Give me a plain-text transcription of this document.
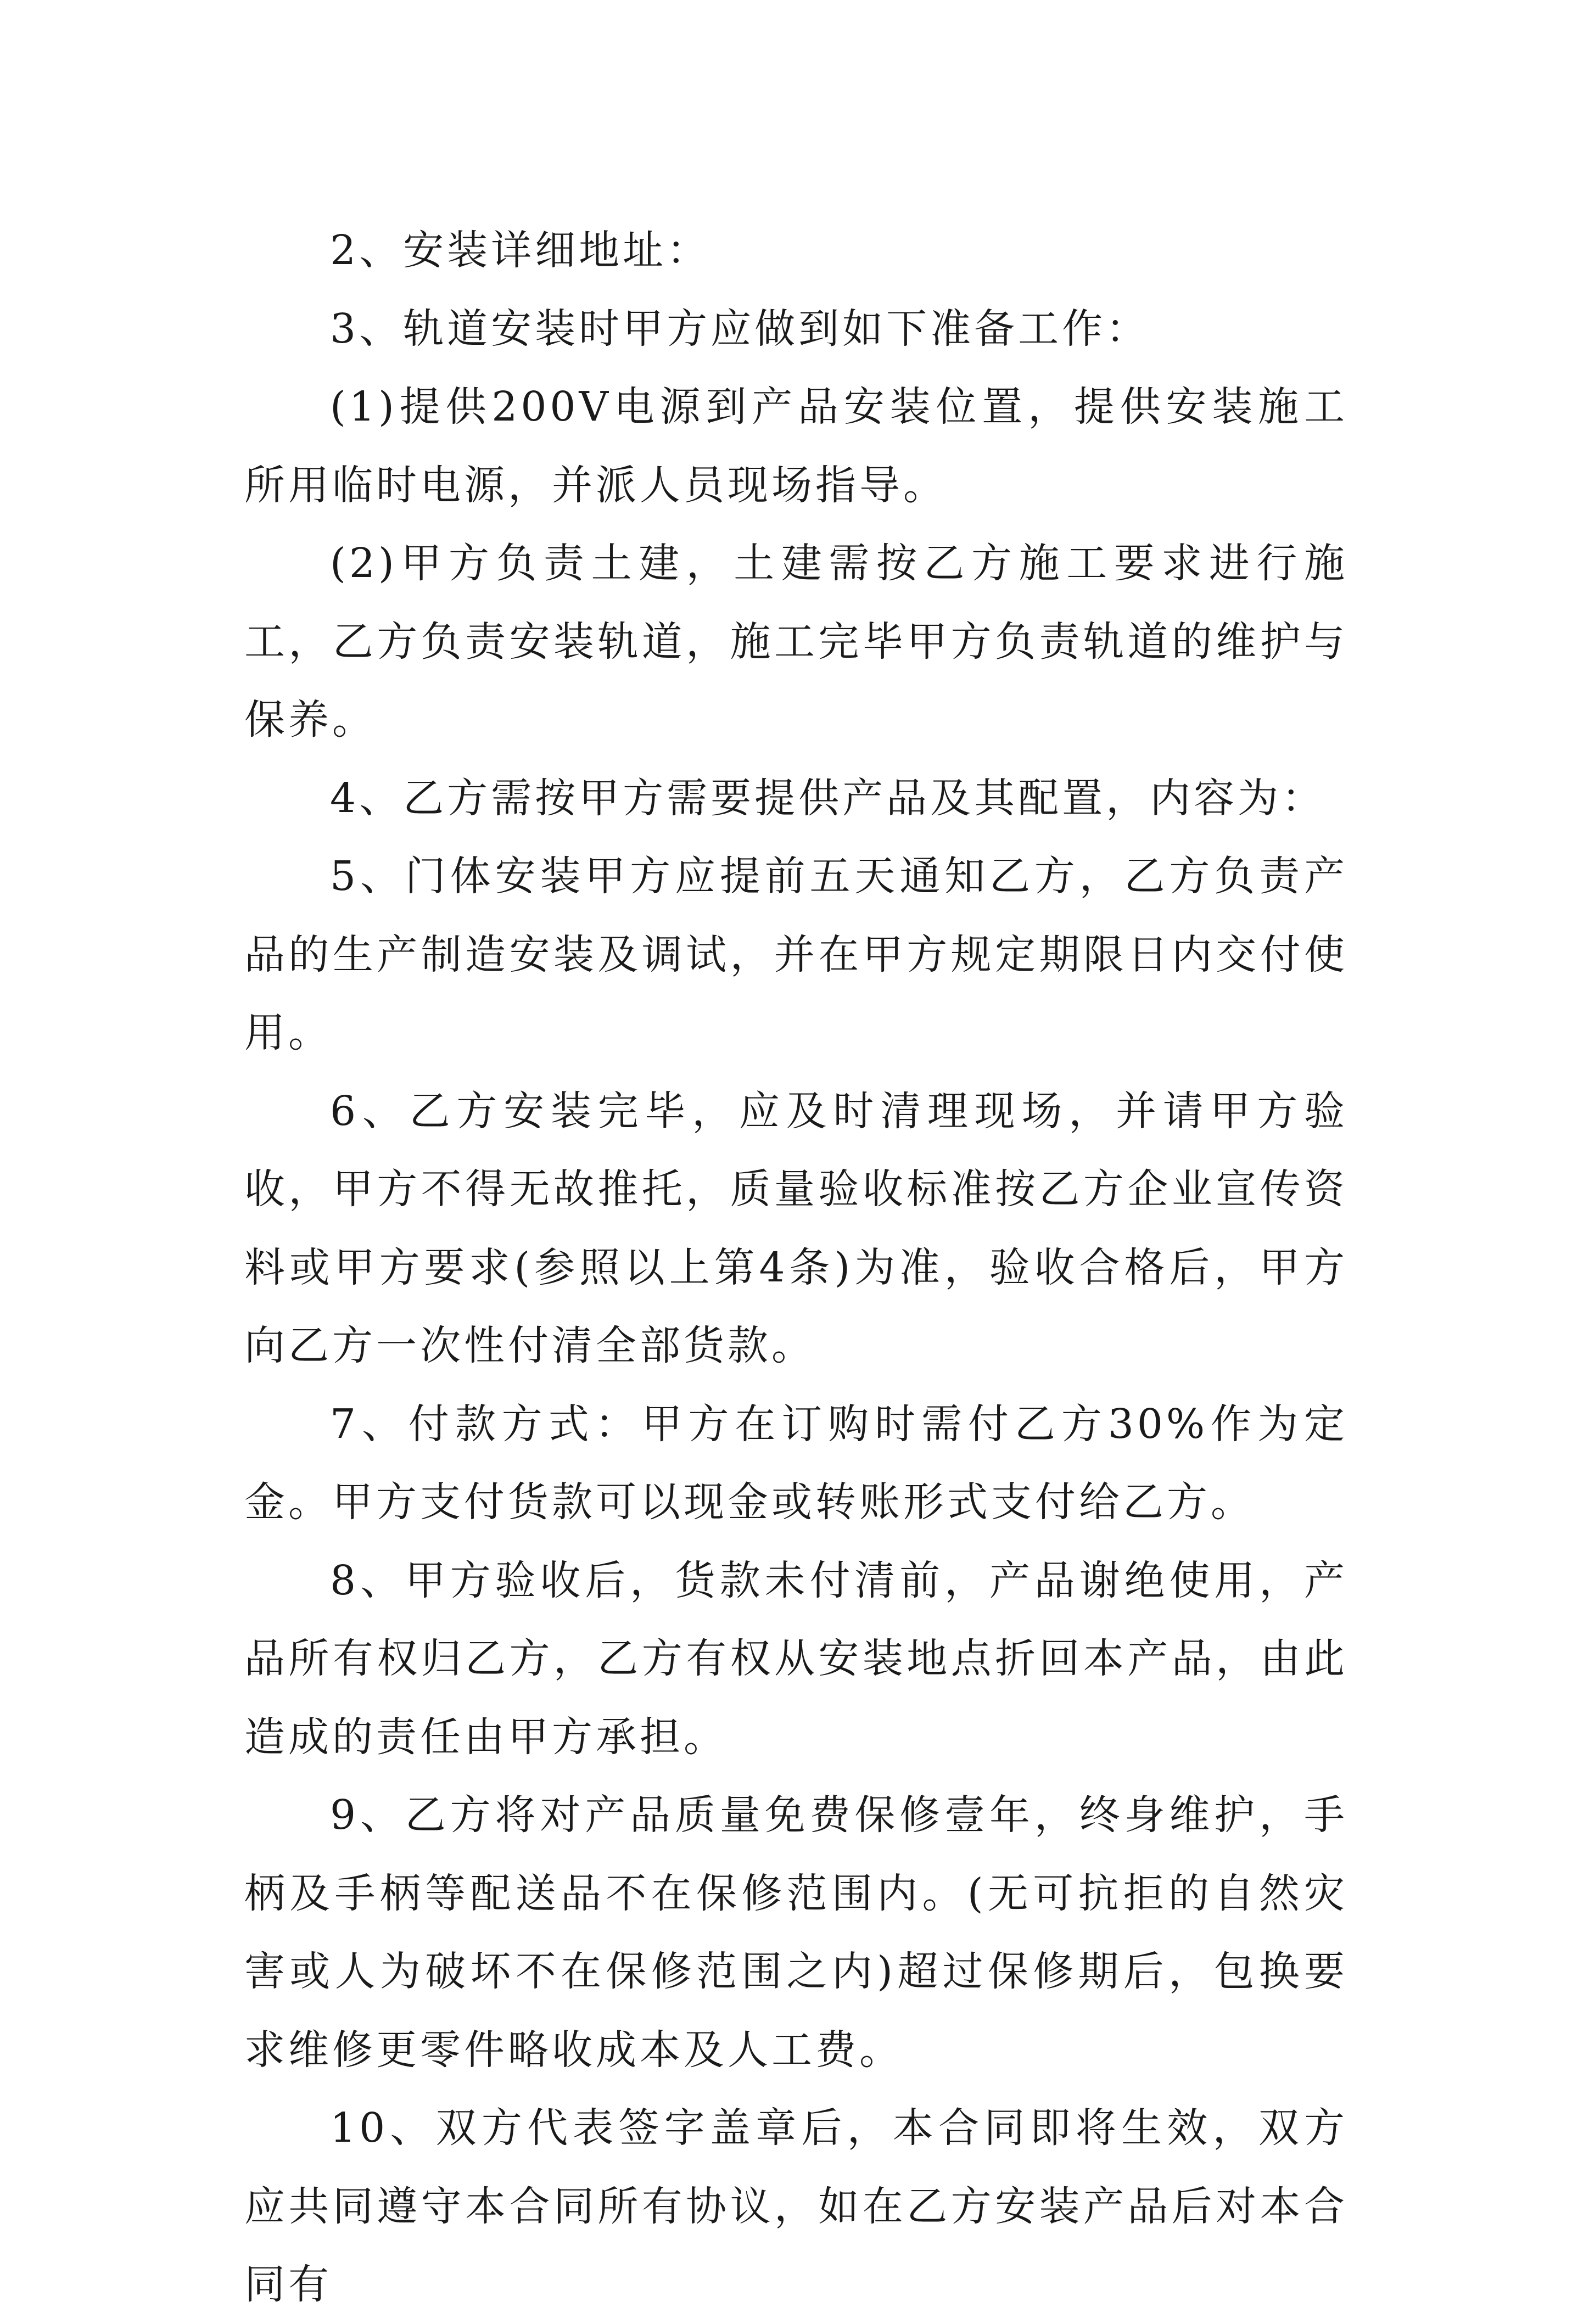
2、安装详细地址：

3、轨道安装时甲方应做到如下准备工作：

(1)提供200V电源到产品安装位置，提供安装施工所用临时电源，并派人员现场指导。

(2)甲方负责土建，土建需按乙方施工要求进行施工，乙方负责安装轨道，施工完毕甲方负责轨道的维护与保养。

4、乙方需按甲方需要提供产品及其配置，内容为：

5、门体安装甲方应提前五天通知乙方，乙方负责产品的生产制造安装及调试，并在甲方规定期限日内交付使用。

6、乙方安装完毕，应及时清理现场，并请甲方验收，甲方不得无故推托，质量验收标准按乙方企业宣传资料或甲方要求(参照以上第4条)为准，验收合格后，甲方向乙方一次性付清全部货款。

7、付款方式：甲方在订购时需付乙方30%作为定金。甲方支付货款可以现金或转账形式支付给乙方。

8、甲方验收后，货款未付清前，产品谢绝使用，产品所有权归乙方，乙方有权从安装地点折回本产品，由此造成的责任由甲方承担。

9、乙方将对产品质量免费保修壹年，终身维护，手柄及手柄等配送品不在保修范围内。(无可抗拒的自然灾害或人为破坏不在保修范围之内)超过保修期后，包换要求维修更零件略收成本及人工费。

10、双方代表签字盖章后，本合同即将生效，双方应共同遵守本合同所有协议，如在乙方安装产品后对本合同有
